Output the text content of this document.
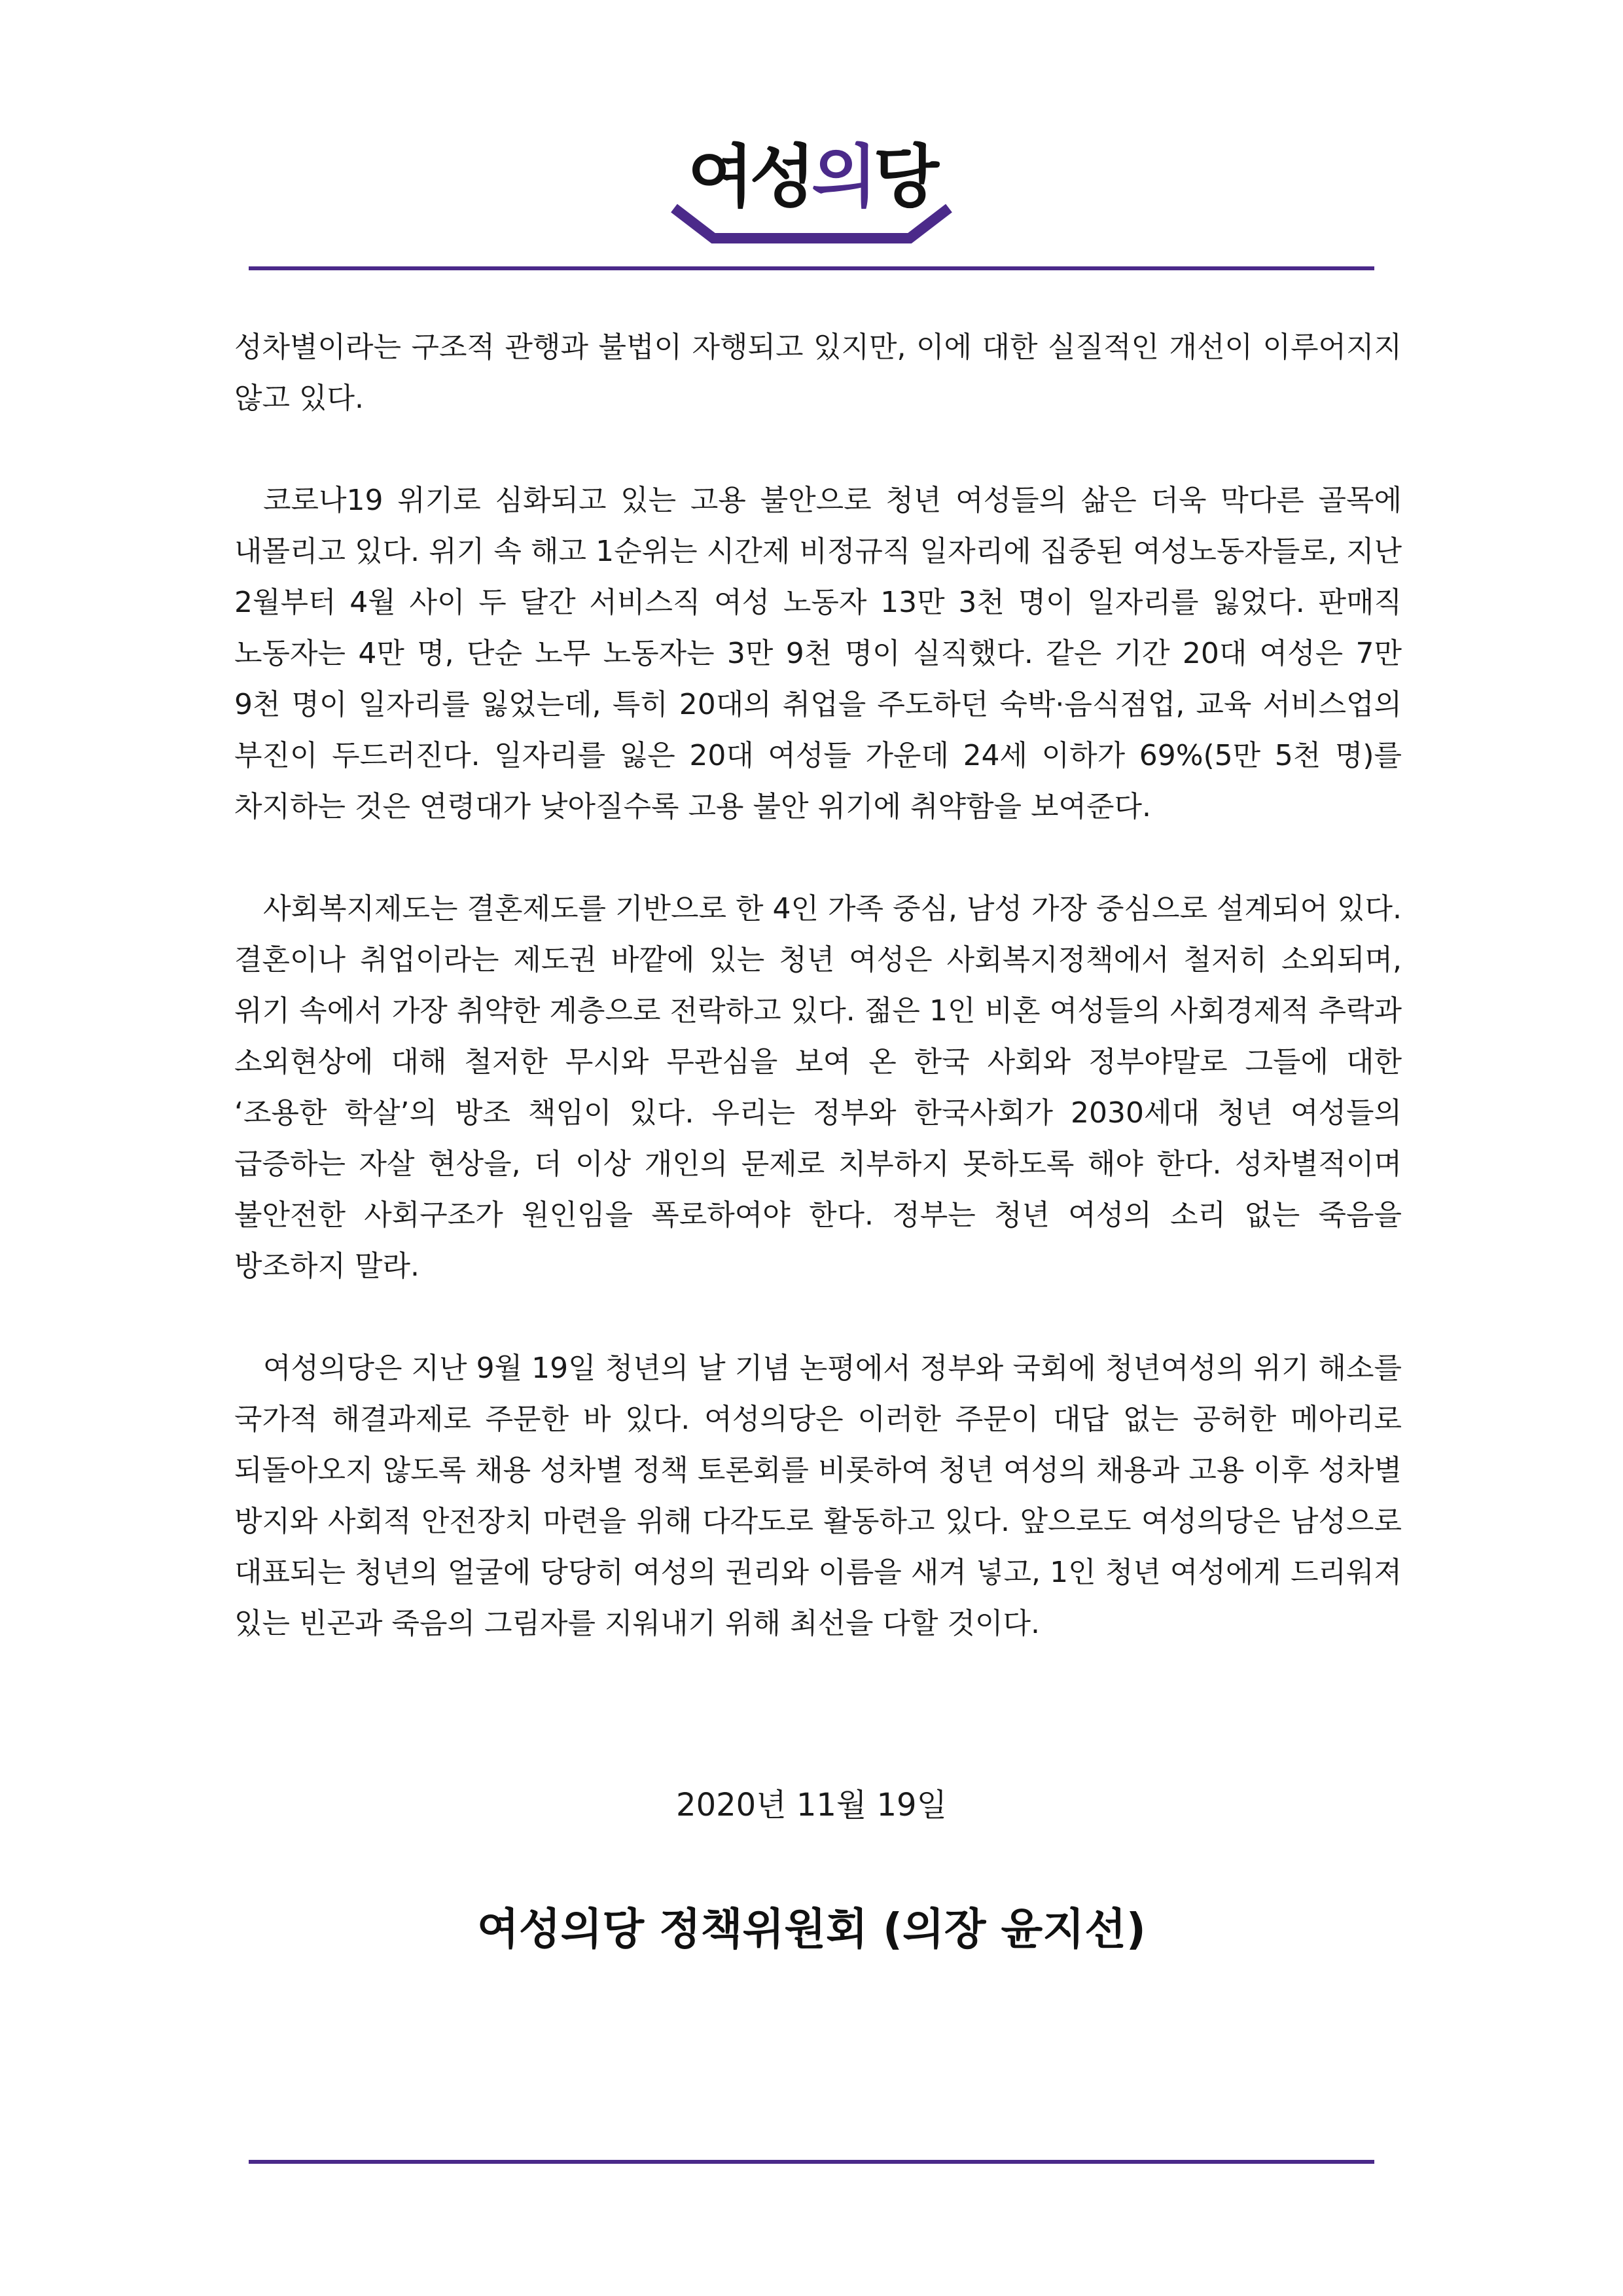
여성의당

성차별이라는 구조적 관행과 불법이 자행되고 있지만, 이에 대한 실질적인 개선이 이루어지지 않고 있다.

코로나19 위기로 심화되고 있는 고용 불안으로 청년 여성들의 삶은 더욱 막다른 골목에 내몰리고 있다. 위기 속 해고 1순위는 시간제 비정규직 일자리에 집중된 여성노동자들로, 지난 2월부터 4월 사이 두 달간 서비스직 여성 노동자 13만 3천 명이 일자리를 잃었다. 판매직 노동자는 4만 명, 단순 노무 노동자는 3만 9천 명이 실직했다. 같은 기간 20대 여성은 7만 9천 명이 일자리를 잃었는데, 특히 20대의 취업을 주도하던 숙박·음식점업, 교육 서비스업의 부진이 두드러진다. 일자리를 잃은 20대 여성들 가운데 24세 이하가 69%(5만 5천 명)를 차지하는 것은 연령대가 낮아질수록 고용 불안 위기에 취약함을 보여준다.

사회복지제도는 결혼제도를 기반으로 한 4인 가족 중심, 남성 가장 중심으로 설계되어 있다. 결혼이나 취업이라는 제도권 바깥에 있는 청년 여성은 사회복지정책에서 철저히 소외되며, 위기 속에서 가장 취약한 계층으로 전락하고 있다. 젊은 1인 비혼 여성들의 사회경제적 추락과 소외현상에 대해 철저한 무시와 무관심을 보여 온 한국 사회와 정부야말로 그들에 대한 ‘조용한 학살’의 방조 책임이 있다. 우리는 정부와 한국사회가 2030세대 청년 여성들의 급증하는 자살 현상을, 더 이상 개인의 문제로 치부하지 못하도록 해야 한다. 성차별적이며 불안전한 사회구조가 원인임을 폭로하여야 한다. 정부는 청년 여성의 소리 없는 죽음을 방조하지 말라.

여성의당은 지난 9월 19일 청년의 날 기념 논평에서 정부와 국회에 청년여성의 위기 해소를 국가적 해결과제로 주문한 바 있다. 여성의당은 이러한 주문이 대답 없는 공허한 메아리로 되돌아오지 않도록 채용 성차별 정책 토론회를 비롯하여 청년 여성의 채용과 고용 이후 성차별 방지와 사회적 안전장치 마련을 위해 다각도로 활동하고 있다. 앞으로도 여성의당은 남성으로 대표되는 청년의 얼굴에 당당히 여성의 권리와 이름을 새겨 넣고, 1인 청년 여성에게 드리워져 있는 빈곤과 죽음의 그림자를 지워내기 위해 최선을 다할 것이다.

2020년 11월 19일
여성의당 정책위원회 (의장 윤지선)
